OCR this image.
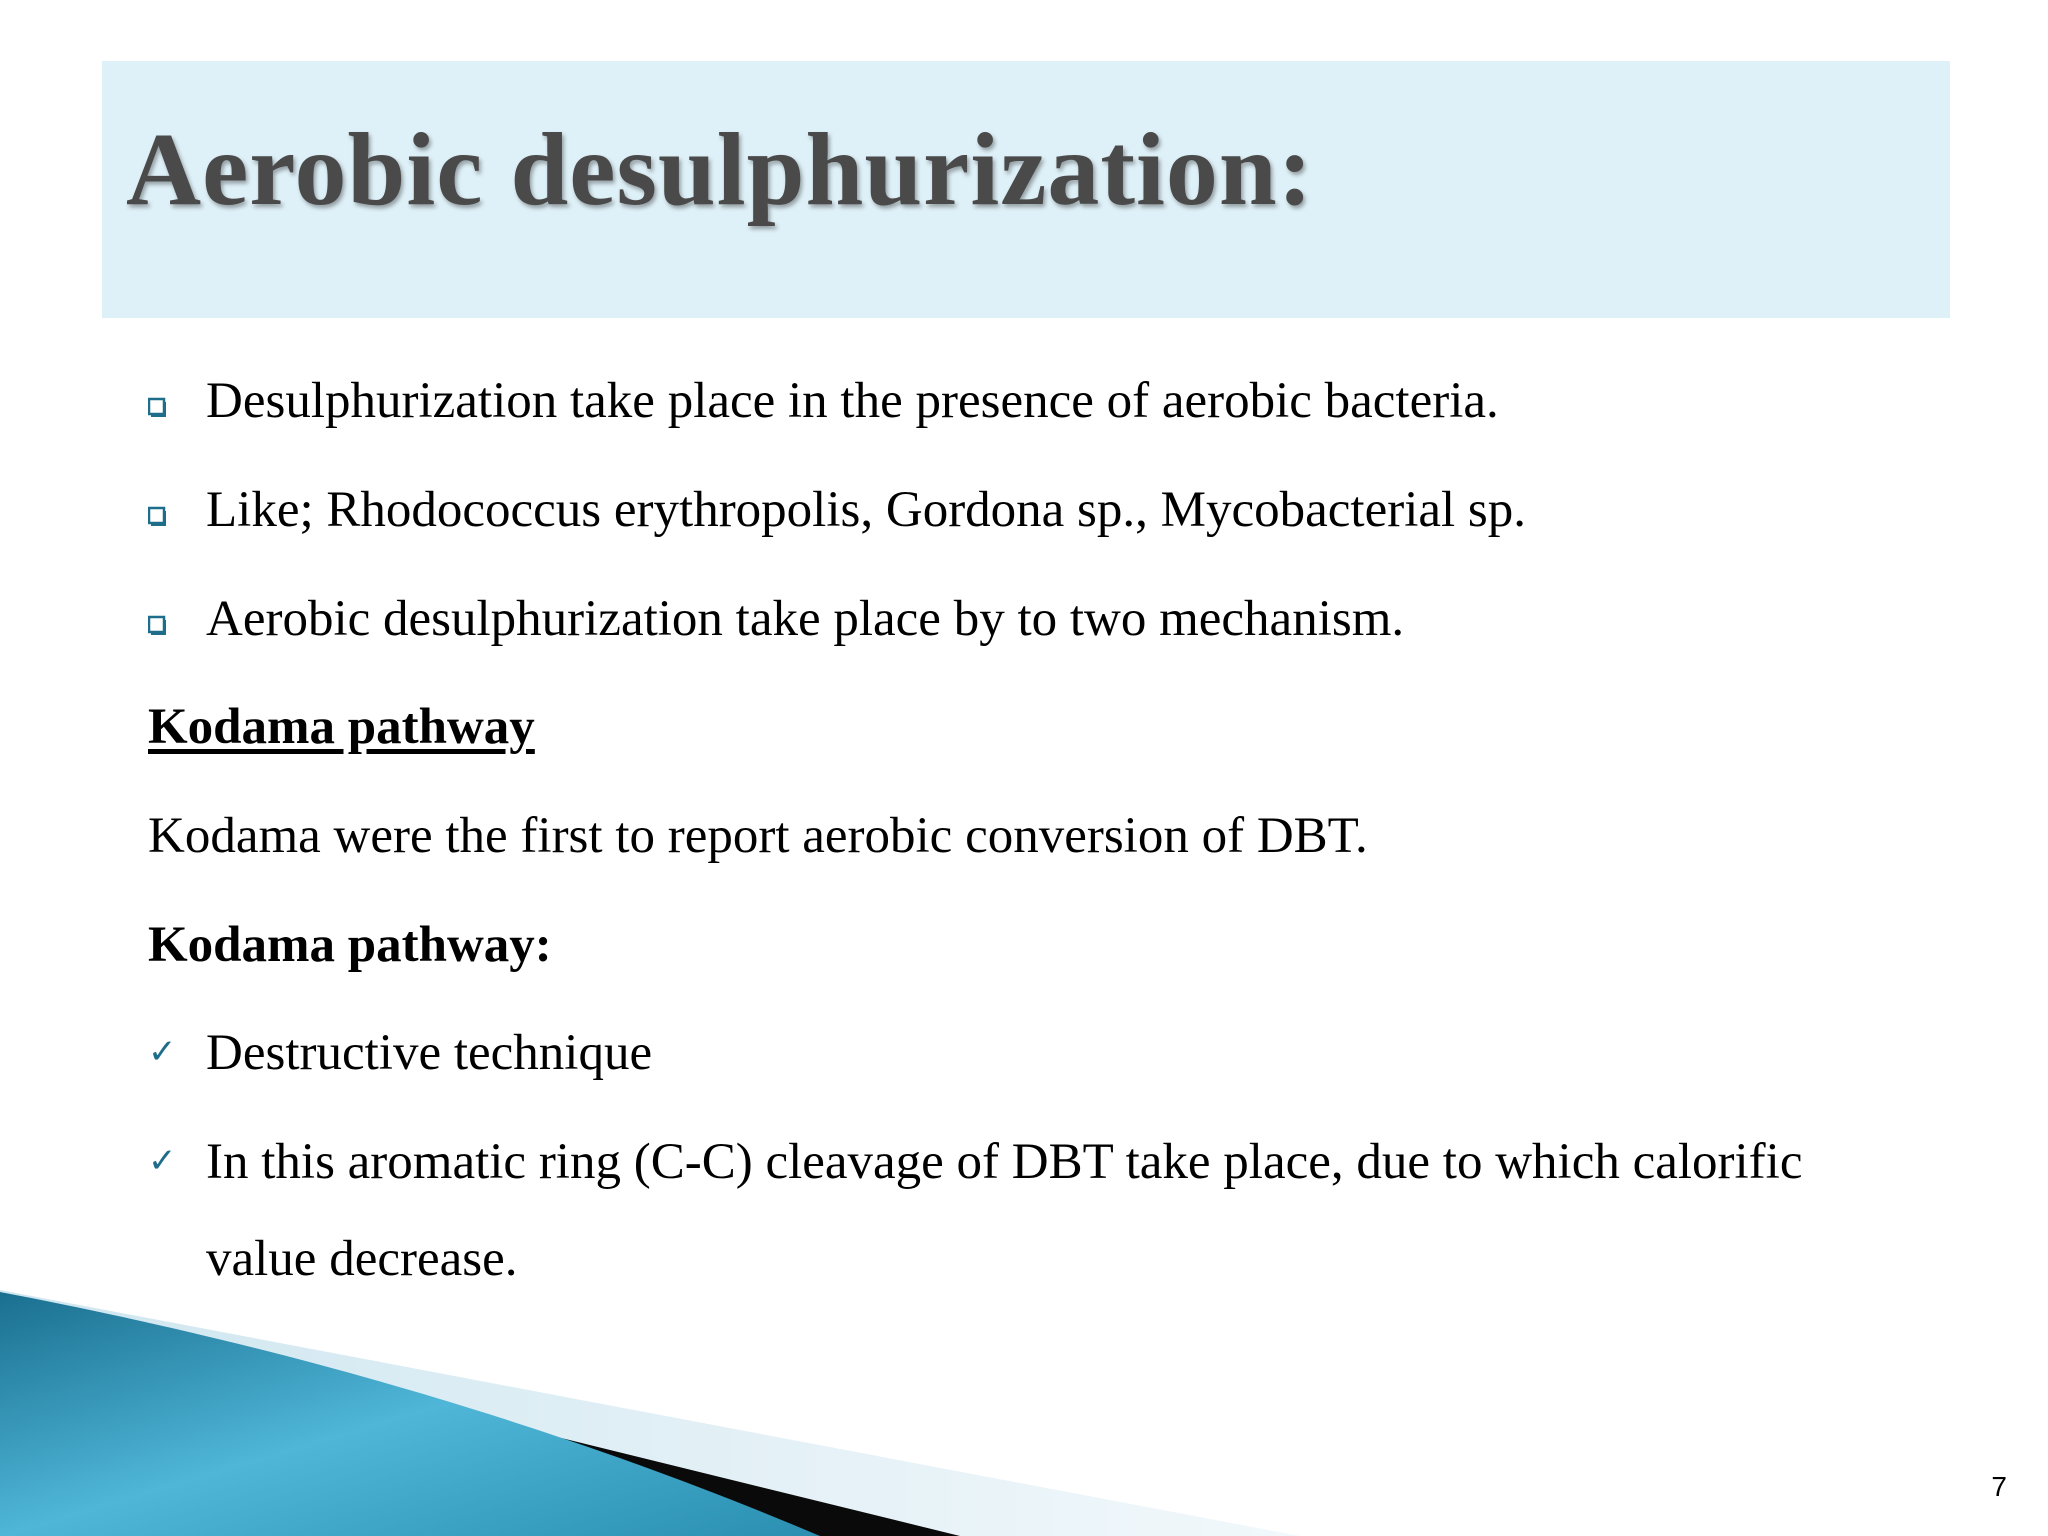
Aerobic desulphurization:
Desulphurization take place in the presence of aerobic bacteria.
Like; Rhodococcus erythropolis, Gordona sp., Mycobacterial sp.
Aerobic desulphurization take place by to two mechanism.
Kodama pathway
Kodama were the first to report aerobic conversion of DBT.
Kodama pathway:
✓ Destructive technique
✓ In this aromatic ring (C-C) cleavage of DBT take place, due to which calorific
value decrease.
7
